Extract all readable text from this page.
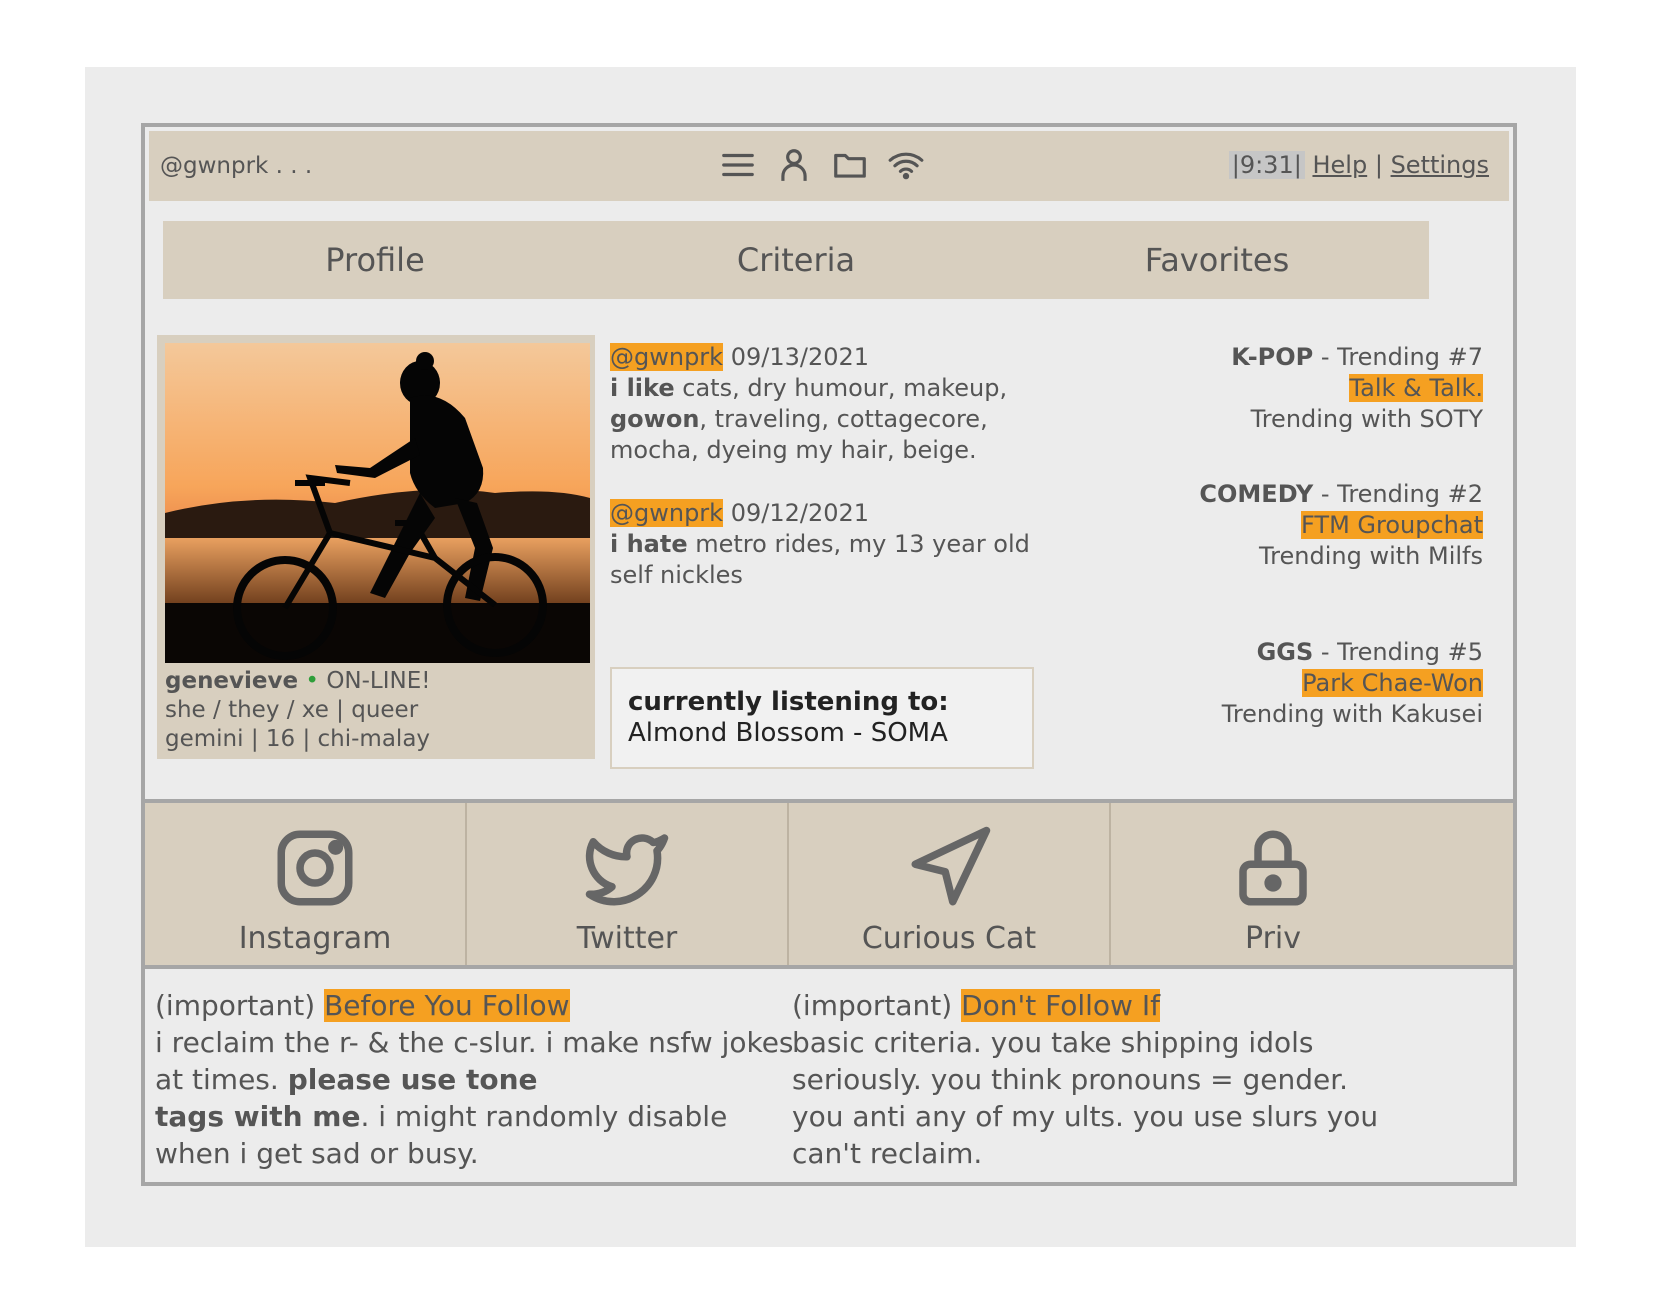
@gwnprk . . .	|9:31| Help | Settings
Profile	Criteria	Favorites
genevieve • ON-LINE!
she / they / xe | queer
gemini | 16 | chi-malay
@gwnprk 09/13/2021
i like cats, dry humour, makeup, gowon, traveling, cottagecore, mocha, dyeing my hair, beige.
@gwnprk 09/12/2021
i hate metro rides, my 13 year old self nickles
currently listening to:
Almond Blossom - SOMA
K-POP - Trending #7
Talk & Talk.
Trending with SOTY
COMEDY - Trending #2
FTM Groupchat
Trending with Milfs
GGS - Trending #5
Park Chae-Won
Trending with Kakusei
Instagram	Twitter	Curious Cat	Priv
(important) Before You Follow
i reclaim the r- & the c-slur. i make nsfw jokes at times. please use tone
tags with me. i might randomly disable when i get sad or busy.
(important) Don't Follow If
basic criteria. you take shipping idols seriously. you think pronouns = gender. you anti any of my ults. you use slurs you can't reclaim.
